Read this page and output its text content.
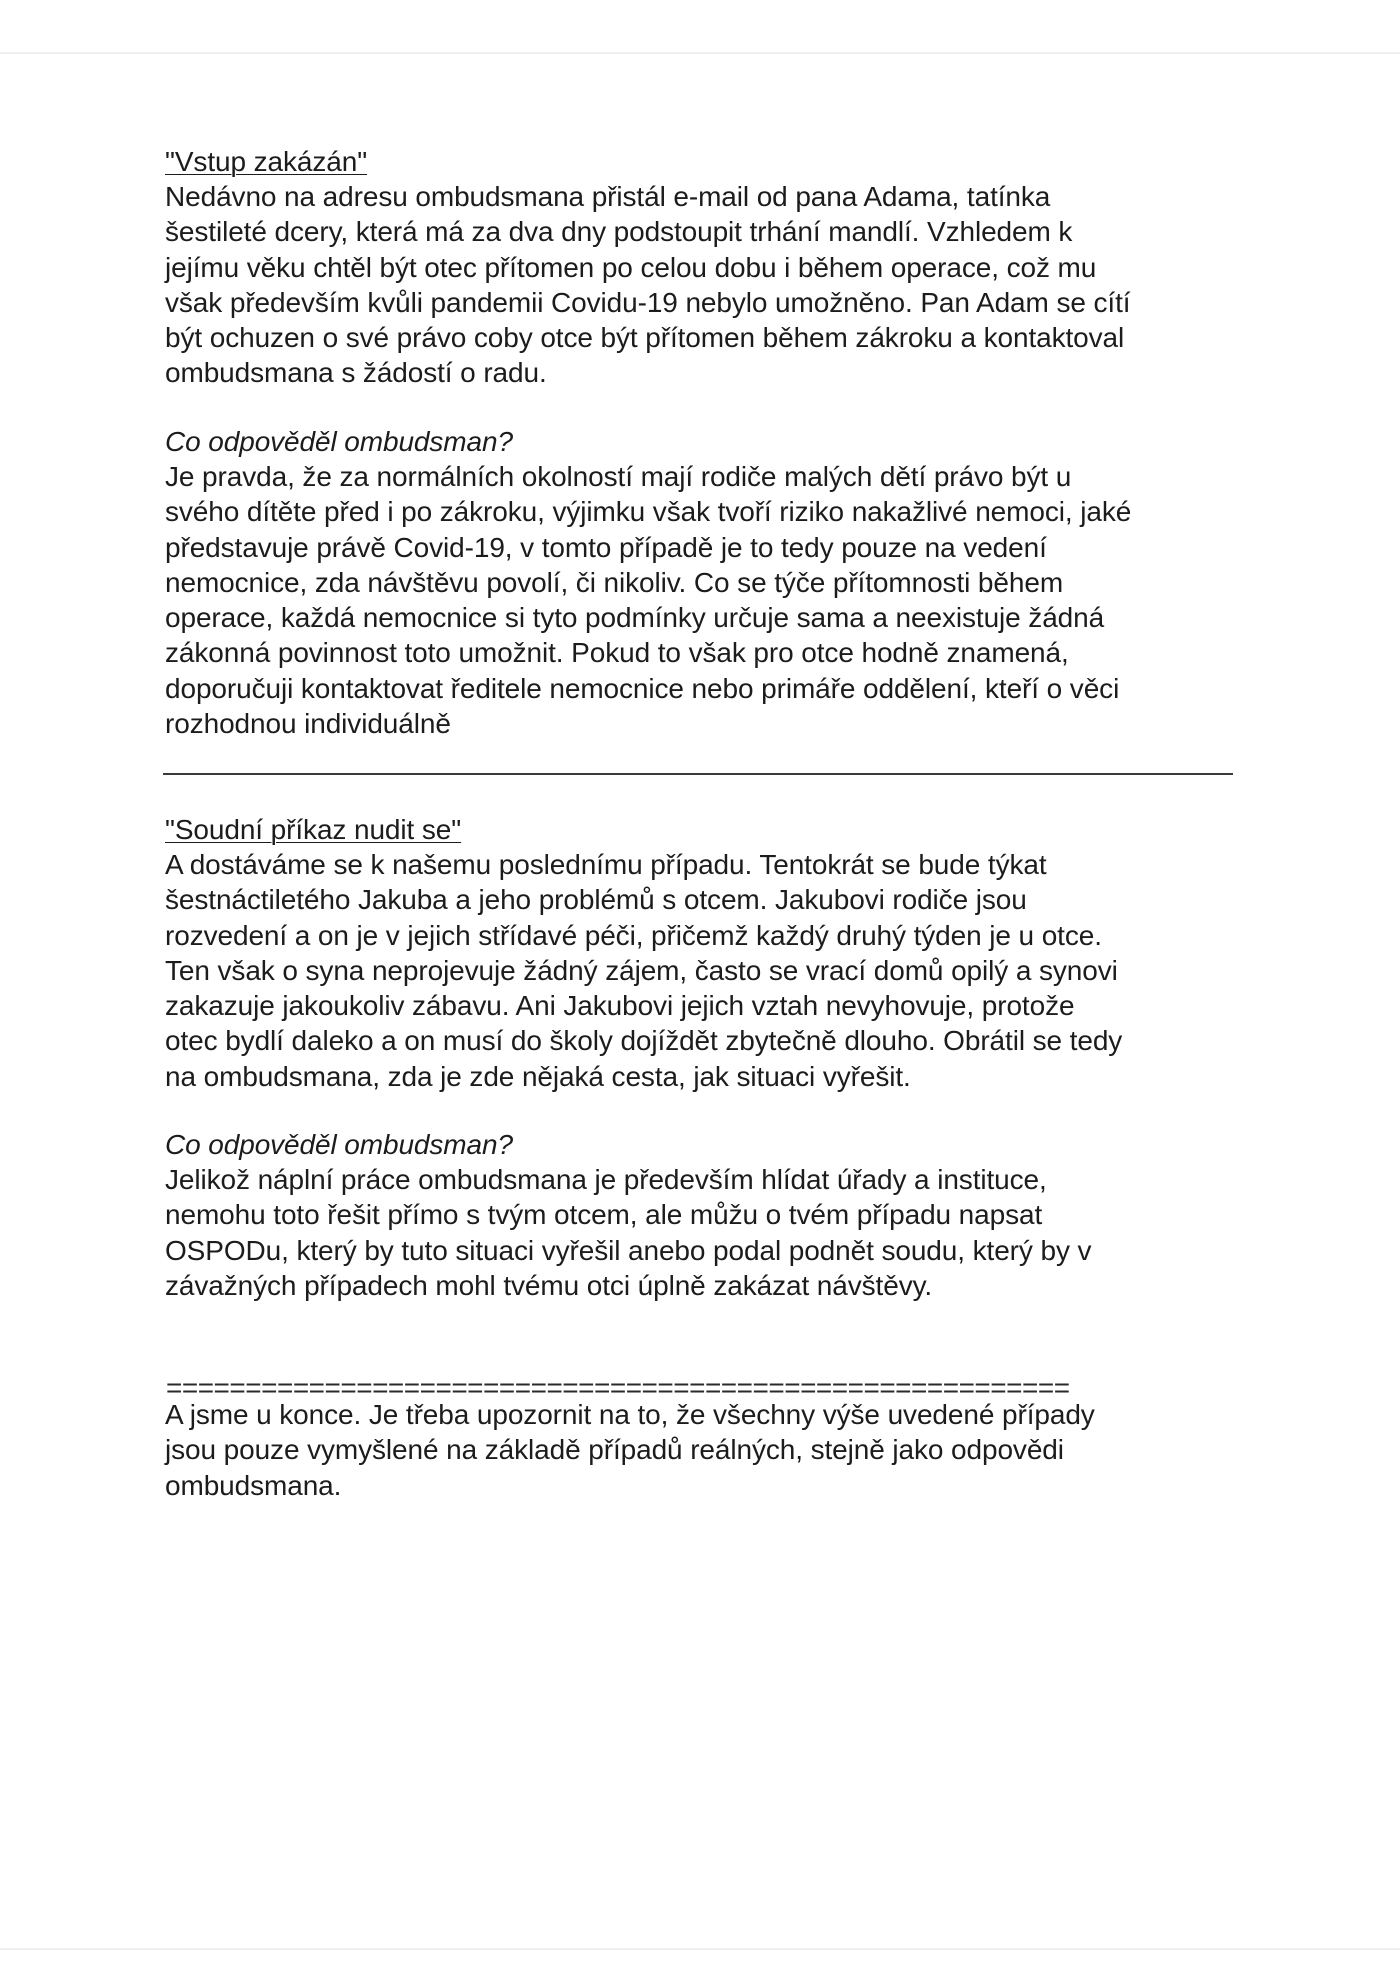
"Vstup zakázán"
Nedávno na adresu ombudsmana přistál e-mail od pana Adama, tatínka
šestileté dcery, která má za dva dny podstoupit trhání mandlí. Vzhledem k
jejímu věku chtěl být otec přítomen po celou dobu i během operace, což mu
však především kvůli pandemii Covidu-19 nebylo umožněno. Pan Adam se cítí
být ochuzen o své právo coby otce být přítomen během zákroku a kontaktoval
ombudsmana s žádostí o radu.
Co odpověděl ombudsman?
Je pravda, že za normálních okolností mají rodiče malých dětí právo být u
svého dítěte před i po zákroku, výjimku však tvoří riziko nakažlivé nemoci, jaké
představuje právě Covid-19, v tomto případě je to tedy pouze na vedení
nemocnice, zda návštěvu povolí, či nikoliv. Co se týče přítomnosti během
operace, každá nemocnice si tyto podmínky určuje sama a neexistuje žádná
zákonná povinnost toto umožnit. Pokud to však pro otce hodně znamená,
doporučuji kontaktovat ředitele nemocnice nebo primáře oddělení, kteří o věci
rozhodnou individuálně
"Soudní příkaz nudit se"
A dostáváme se k našemu poslednímu případu. Tentokrát se bude týkat
šestnáctiletého Jakuba a jeho problémů s otcem. Jakubovi rodiče jsou
rozvedení a on je v jejich střídavé péči, přičemž každý druhý týden je u otce.
Ten však o syna neprojevuje žádný zájem, často se vrací domů opilý a synovi
zakazuje jakoukoliv zábavu. Ani Jakubovi jejich vztah nevyhovuje, protože
otec bydlí daleko a on musí do školy dojíždět zbytečně dlouho. Obrátil se tedy
na ombudsmana, zda je zde nějaká cesta, jak situaci vyřešit.
Co odpověděl ombudsman?
Jelikož náplní práce ombudsmana je především hlídat úřady a instituce,
nemohu toto řešit přímo s tvým otcem, ale můžu o tvém případu napsat
OSPODu, který by tuto situaci vyřešil anebo podal podnět soudu, který by v
závažných případech mohl tvému otci úplně zakázat návštěvy.
=========================================================
A jsme u konce. Je třeba upozornit na to, že všechny výše uvedené případy
jsou pouze vymyšlené na základě případů reálných, stejně jako odpovědi
ombudsmana.
